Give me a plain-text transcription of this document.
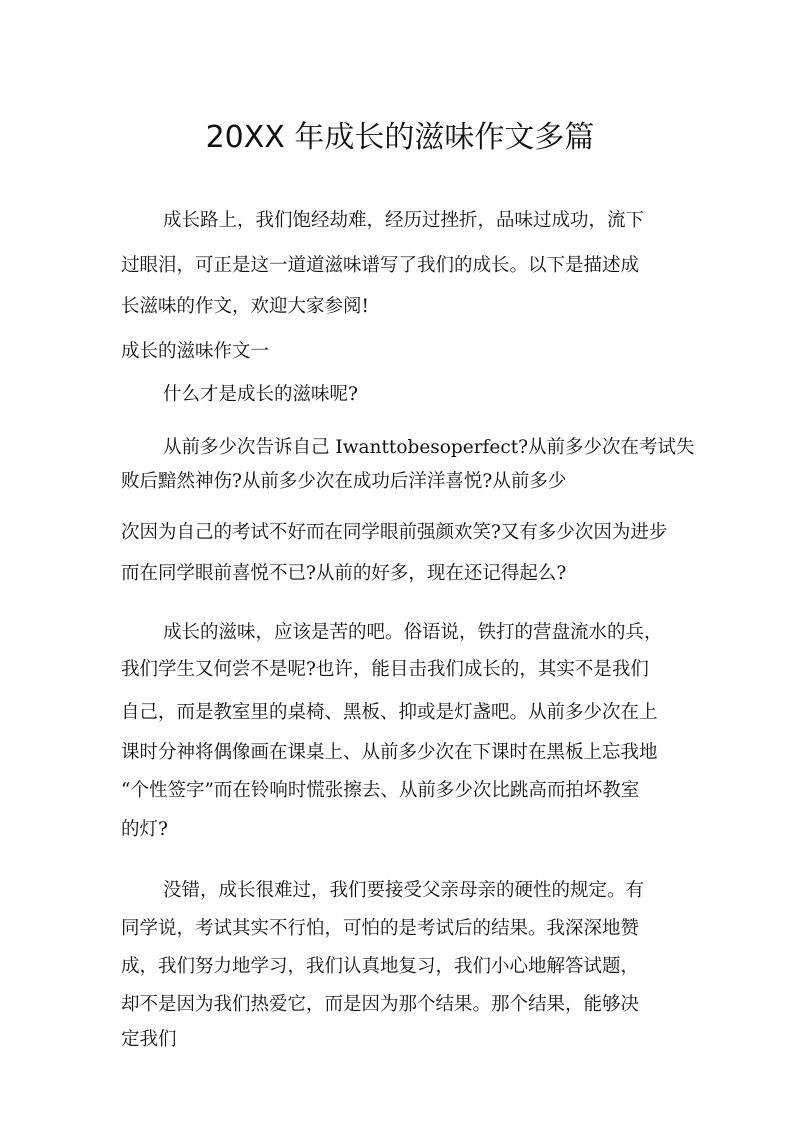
20XX 年成长的滋味作文多篇
成长路上，我们饱经劫难，经历过挫折，品味过成功，流下
过眼泪，可正是这一道道滋味谱写了我们的成长。以下是描述成
长滋味的作文，欢迎大家参阅!
成长的滋味作文一
什么才是成长的滋味呢?
从前多少次告诉自己 Iwanttobesoperfect?从前多少次在考试失
败后黯然神伤?从前多少次在成功后洋洋喜悦?从前多少
次因为自己的考试不好而在同学眼前强颜欢笑?又有多少次因为进步
而在同学眼前喜悦不已?从前的好多，现在还记得起么?
成长的滋味，应该是苦的吧。俗语说，铁打的营盘流水的兵，
我们学生又何尝不是呢?也许，能目击我们成长的，其实不是我们
自己，而是教室里的桌椅、黑板、抑或是灯盏吧。从前多少次在上
课时分神将偶像画在课桌上、从前多少次在下课时在黑板上忘我地
“个性签字”而在铃响时慌张擦去、从前多少次比跳高而拍坏教室
的灯?
没错，成长很难过，我们要接受父亲母亲的硬性的规定。有
同学说，考试其实不行怕，可怕的是考试后的结果。我深深地赞
成，我们努力地学习，我们认真地复习，我们小心地解答试题，
却不是因为我们热爱它，而是因为那个结果。那个结果，能够决
定我们
